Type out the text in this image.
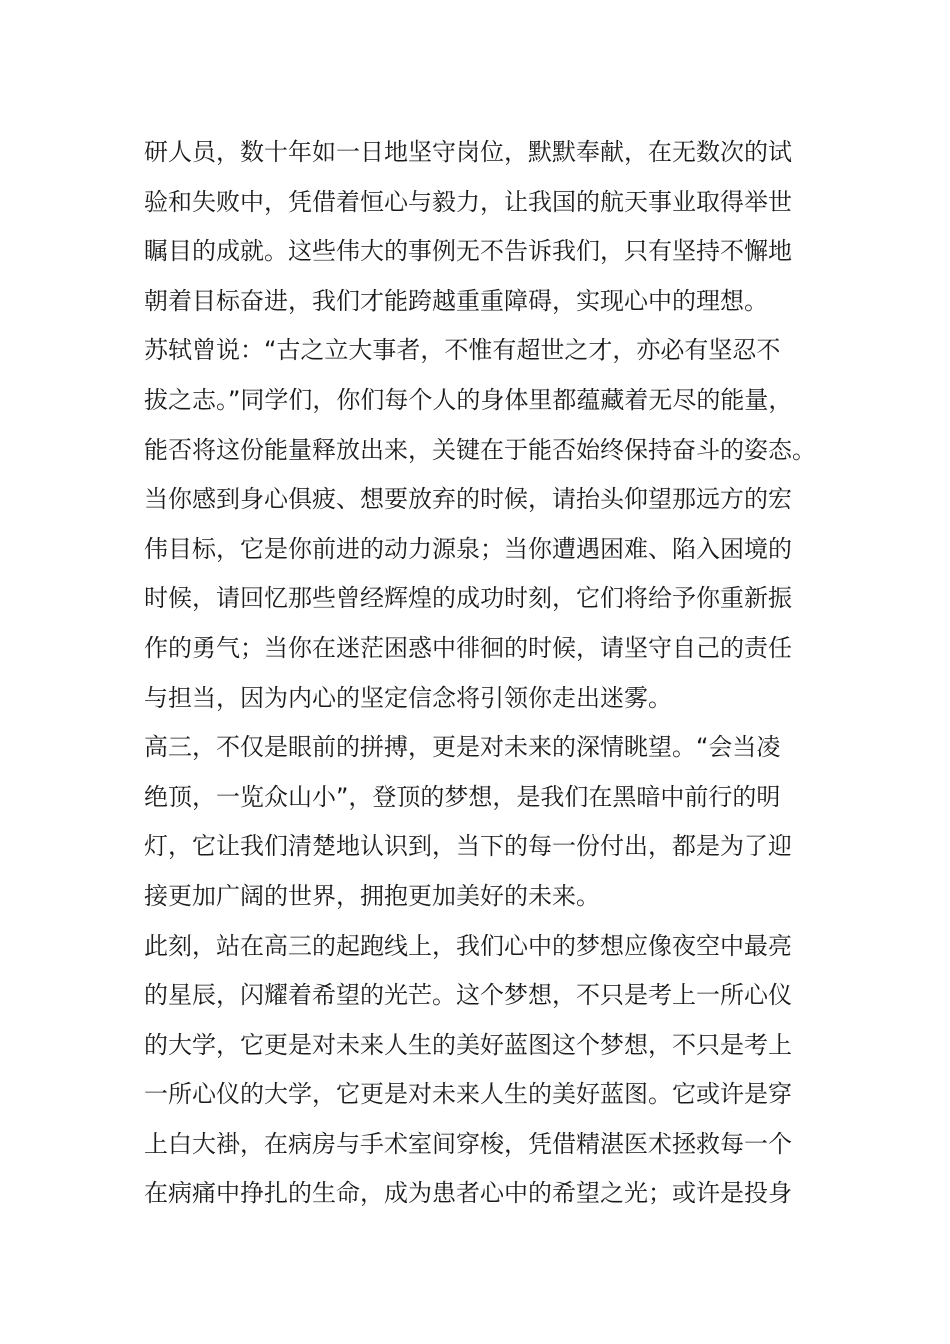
研人员，数十年如一日地坚守岗位，默默奉献，在无数次的试
验和失败中，凭借着恒心与毅力，让我国的航天事业取得举世
瞩目的成就。这些伟大的事例无不告诉我们，只有坚持不懈地
朝着目标奋进，我们才能跨越重重障碍，实现心中的理想。
苏轼曾说：“古之立大事者，不惟有超世之才，亦必有坚忍不
拔之志。”同学们，你们每个人的身体里都蕴藏着无尽的能量，
能否将这份能量释放出来，关键在于能否始终保持奋斗的姿态。
当你感到身心俱疲、想要放弃的时候，请抬头仰望那远方的宏
伟目标，它是你前进的动力源泉；当你遭遇困难、陷入困境的
时候，请回忆那些曾经辉煌的成功时刻，它们将给予你重新振
作的勇气；当你在迷茫困惑中徘徊的时候，请坚守自己的责任
与担当，因为内心的坚定信念将引领你走出迷雾。
高三，不仅是眼前的拼搏，更是对未来的深情眺望。“会当凌
绝顶，一览众山小”，登顶的梦想，是我们在黑暗中前行的明
灯，它让我们清楚地认识到，当下的每一份付出，都是为了迎
接更加广阔的世界，拥抱更加美好的未来。
此刻，站在高三的起跑线上，我们心中的梦想应像夜空中最亮
的星辰，闪耀着希望的光芒。这个梦想，不只是考上一所心仪
的大学，它更是对未来人生的美好蓝图这个梦想，不只是考上
一所心仪的大学，它更是对未来人生的美好蓝图。它或许是穿
上白大褂，在病房与手术室间穿梭，凭借精湛医术拯救每一个
在病痛中挣扎的生命，成为患者心中的希望之光；或许是投身
